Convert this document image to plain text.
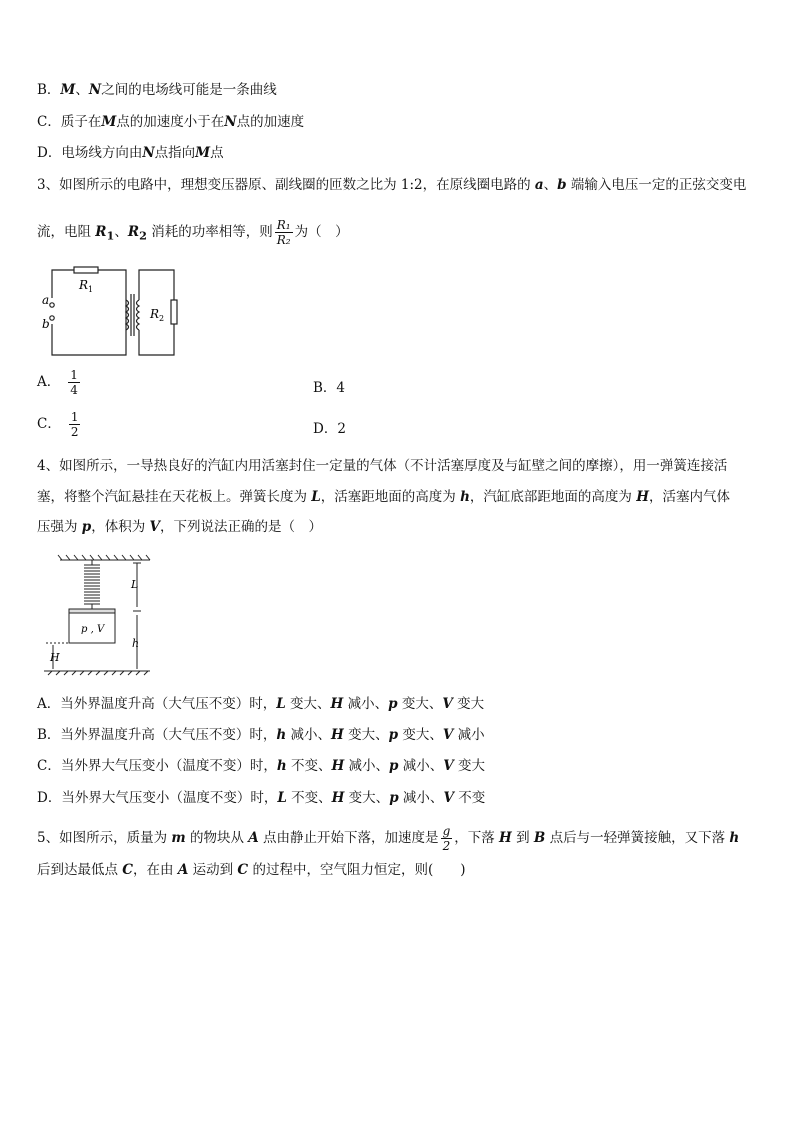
B．M、N之间的电场线可能是一条曲线
C．质子在M点的加速度小于在N点的加速度
D．电场线方向由N点指向M点
3、如图所示的电路中，理想变压器原、副线圈的匝数之比为 1:2，在原线圈电路的 a、b 端输入电压一定的正弦交变电
流，电阻 $R_1$、$R_2$ 消耗的功率相等，则 $\frac{\text{R₁}}{\text{R₂}}$ 为（　）
$R_1$
$R_2$
a
b
A． $\frac{1}{4}$	B．4
C． $\frac{1}{2}$	D．2
4、如图所示，一导热良好的汽缸内用活塞封住一定量的气体（不计活塞厚度及与缸壁之间的摩擦），用一弹簧连接活
塞，将整个汽缸悬挂在天花板上。弹簧长度为 L，活塞距地面的高度为 h，汽缸底部距地面的高度为 H，活塞内气体
压强为 p，体积为 V，下列说法正确的是（　）
L
h
H
p , V
A．当外界温度升高（大气压不变）时，L 变大、H 减小、p 变大、V 变大
B．当外界温度升高（大气压不变）时，h 减小、H 变大、p 变大、V 减小
C．当外界大气压变小（温度不变）时，h 不变、H 减小、p 减小、V 变大
D．当外界大气压变小（温度不变）时，L 不变、H 变大、p 减小、V 不变
5、如图所示，质量为 m 的物块从 A 点由静止开始下落，加速度是 $\frac{g}{2}$ ，下落 H 到 B 点后与一轻弹簧接触，又下落 h
后到达最低点 C，在由 A 运动到 C 的过程中，空气阻力恒定，则(　　)
